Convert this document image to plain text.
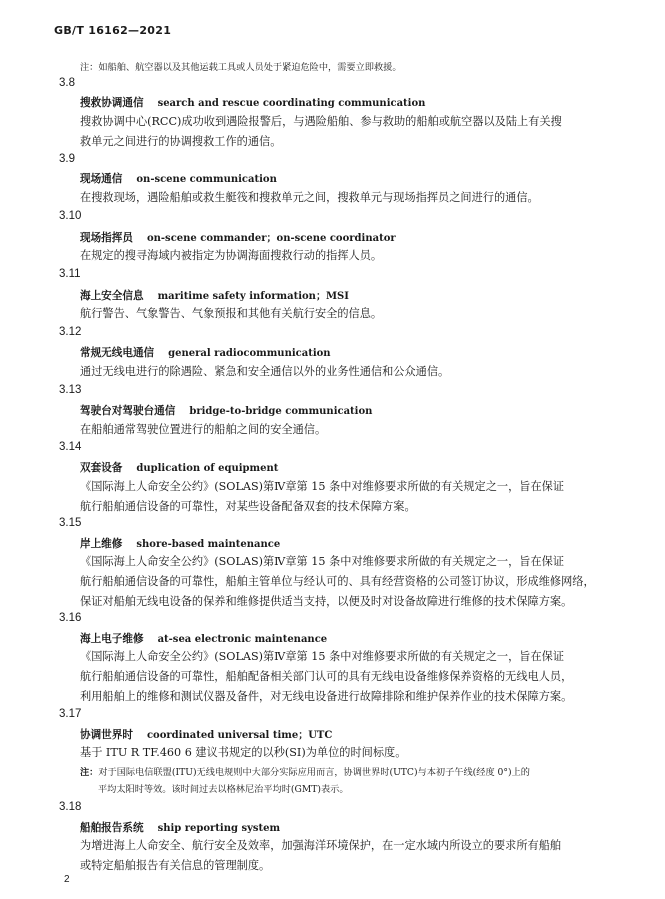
GB/T 16162—2021
注：如船舶、航空器以及其他运载工具或人员处于紧迫危险中，需要立即救援。
3.8
搜救协调通信 search and rescue coordinating communication
搜救协调中心(RCC)成功收到遇险报警后，与遇险船舶、参与救助的船舶或航空器以及陆上有关搜
救单元之间进行的协调搜救工作的通信。
3.9
现场通信 on-scene communication
在搜救现场，遇险船舶或救生艇筏和搜救单元之间，搜救单元与现场指挥员之间进行的通信。
3.10
现场指挥员 on-scene commander；on-scene coordinator
在规定的搜寻海域内被指定为协调海面搜救行动的指挥人员。
3.11
海上安全信息 maritime safety information；MSI
航行警告、气象警告、气象预报和其他有关航行安全的信息。
3.12
常规无线电通信 general radiocommunication
通过无线电进行的除遇险、紧急和安全通信以外的业务性通信和公众通信。
3.13
驾驶台对驾驶台通信 bridge-to-bridge communication
在船舶通常驾驶位置进行的船舶之间的安全通信。
3.14
双套设备 duplication of equipment
《国际海上人命安全公约》(SOLAS)第Ⅳ章第 15 条中对维修要求所做的有关规定之一，旨在保证
航行船舶通信设备的可靠性，对某些设备配备双套的技术保障方案。
3.15
岸上维修 shore-based maintenance
《国际海上人命安全公约》(SOLAS)第Ⅳ章第 15 条中对维修要求所做的有关规定之一，旨在保证
航行船舶通信设备的可靠性，船舶主管单位与经认可的、具有经营资格的公司签订协议，形成维修网络，
保证对船舶无线电设备的保养和维修提供适当支持，以便及时对设备故障进行维修的技术保障方案。
3.16
海上电子维修 at-sea electronic maintenance
《国际海上人命安全公约》(SOLAS)第Ⅳ章第 15 条中对维修要求所做的有关规定之一，旨在保证
航行船舶通信设备的可靠性，船舶配备相关部门认可的具有无线电设备维修保养资格的无线电人员，
利用船舶上的维修和测试仪器及备件，对无线电设备进行故障排除和维护保养作业的技术保障方案。
3.17
协调世界时 coordinated universal time；UTC
基于 ITU R TF.460 6 建议书规定的以秒(SI)为单位的时间标度。
注：对于国际电信联盟(ITU)无线电规则中大部分实际应用而言，协调世界时(UTC)与本初子午线(经度 0°)上的
平均太阳时等效。该时间过去以格林尼治平均时(GMT)表示。
3.18
船舶报告系统 ship reporting system
为增进海上人命安全、航行安全及效率，加强海洋环境保护，在一定水域内所设立的要求所有船舶
或特定船舶报告有关信息的管理制度。
2
